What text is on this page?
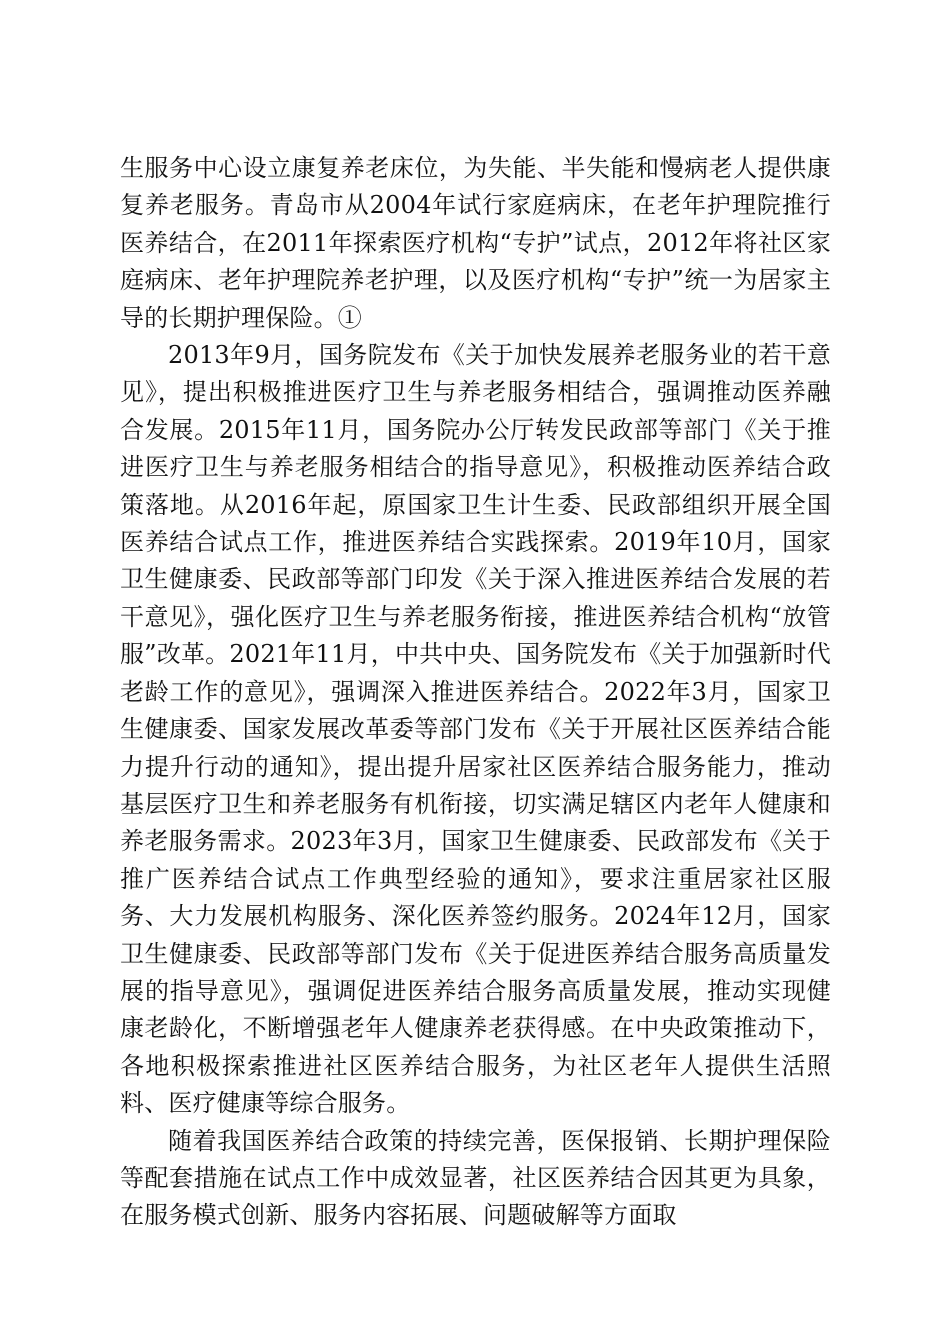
生服务中心设立康复养老床位，为失能、半失能和慢病老人提供康复养老服务。青岛市从2004年试行家庭病床，在老年护理院推行医养结合，在2011年探索医疗机构“专护”试点，2012年将社区家庭病床、老年护理院养老护理，以及医疗机构“专护”统一为居家主导的长期护理保险。①

2013年9月，国务院发布《关于加快发展养老服务业的若干意见》，提出积极推进医疗卫生与养老服务相结合，强调推动医养融合发展。2015年11月，国务院办公厅转发民政部等部门《关于推进医疗卫生与养老服务相结合的指导意见》，积极推动医养结合政策落地。从2016年起，原国家卫生计生委、民政部组织开展全国医养结合试点工作，推进医养结合实践探索。2019年10月，国家卫生健康委、民政部等部门印发《关于深入推进医养结合发展的若干意见》，强化医疗卫生与养老服务衔接，推进医养结合机构“放管服”改革。2021年11月，中共中央、国务院发布《关于加强新时代老龄工作的意见》，强调深入推进医养结合。2022年3月，国家卫生健康委、国家发展改革委等部门发布《关于开展社区医养结合能力提升行动的通知》，提出提升居家社区医养结合服务能力，推动基层医疗卫生和养老服务有机衔接，切实满足辖区内老年人健康和养老服务需求。2023年3月，国家卫生健康委、民政部发布《关于推广医养结合试点工作典型经验的通知》，要求注重居家社区服务、大力发展机构服务、深化医养签约服务。2024年12月，国家卫生健康委、民政部等部门发布《关于促进医养结合服务高质量发展的指导意见》，强调促进医养结合服务高质量发展，推动实现健康老龄化，不断增强老年人健康养老获得感。在中央政策推动下，各地积极探索推进社区医养结合服务，为社区老年人提供生活照料、医疗健康等综合服务。

随着我国医养结合政策的持续完善，医保报销、长期护理保险等配套措施在试点工作中成效显著，社区医养结合因其更为具象，在服务模式创新、服务内容拓展、问题破解等方面取
